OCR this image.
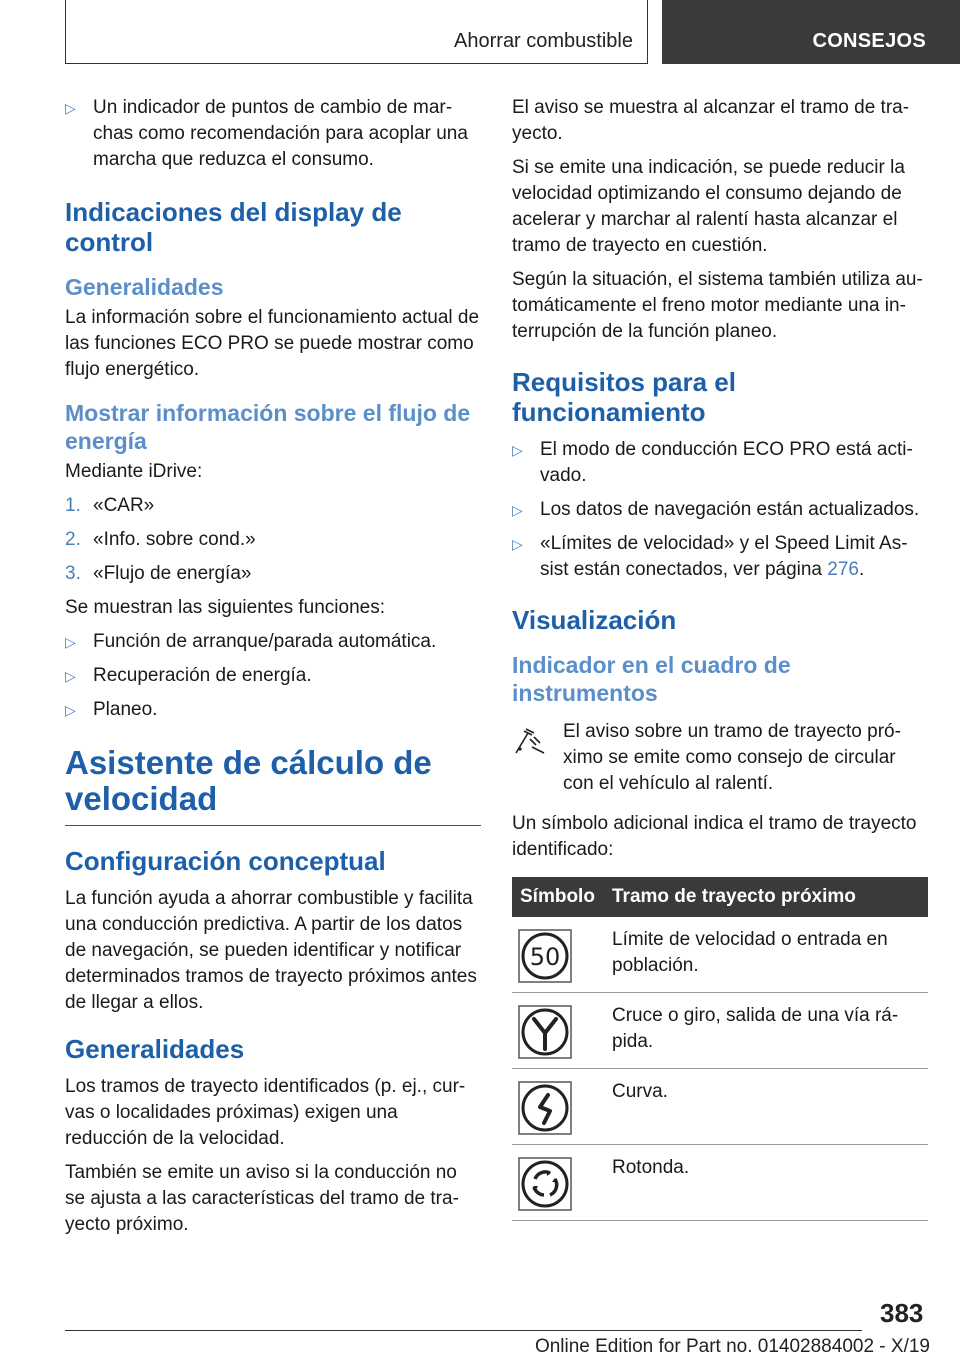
Ahorrar combustible	CONSEJOS
▷ Un indicador de puntos de cambio de marchas como recomendación para acoplar una marcha que reduzca el consumo.
Indicaciones del display de control
Generalidades

La información sobre el funcionamiento actual de las funciones ECO PRO se puede mostrar como flujo energético.

Mostrar información sobre el flujo de energía

Mediante iDrive:

1. «CAR»
2. «Info. sobre cond.»
3. «Flujo de energía»

Se muestran las siguientes funciones:

▷ Función de arranque/parada automática.
▷ Recuperación de energía.
▷ Planeo.
Asistente de cálculo de velocidad
Configuración conceptual

La función ayuda a ahorrar combustible y facilita una conducción predictiva. A partir de los datos de navegación, se pueden identificar y notificar determinados tramos de trayecto próximos antes de llegar a ellos.

Generalidades

Los tramos de trayecto identificados (p. ej., curvas o localidades próximas) exigen una reducción de la velocidad.

También se emite un aviso si la conducción no se ajusta a las características del tramo de trayecto próximo.

El aviso se muestra al alcanzar el tramo de trayecto.

Si se emite una indicación, se puede reducir la velocidad optimizando el consumo dejando de acelerar y marchar al ralentí hasta alcanzar el tramo de trayecto en cuestión.

Según la situación, el sistema también utiliza automáticamente el freno motor mediante una interrupción de la función planeo.

Requisitos para el funcionamiento
▷ El modo de conducción ECO PRO está activado.
▷ Los datos de navegación están actualizados.
▷ «Límites de velocidad» y el Speed Limit Assist están conectados, ver página 276.
Visualización
Indicador en el cuadro de instrumentos
El aviso sobre un tramo de trayecto próximo se emite como consejo de circular con el vehículo al ralentí.

Un símbolo adicional indica el tramo de trayecto identificado:

Símbolo	Tramo de trayecto próximo

50	Límite de velocidad o entrada en población.
	Cruce o giro, salida de una vía rápida.
	Curva.
	Rotonda.
383
Online Edition for Part no. 01402884002 - X/19
